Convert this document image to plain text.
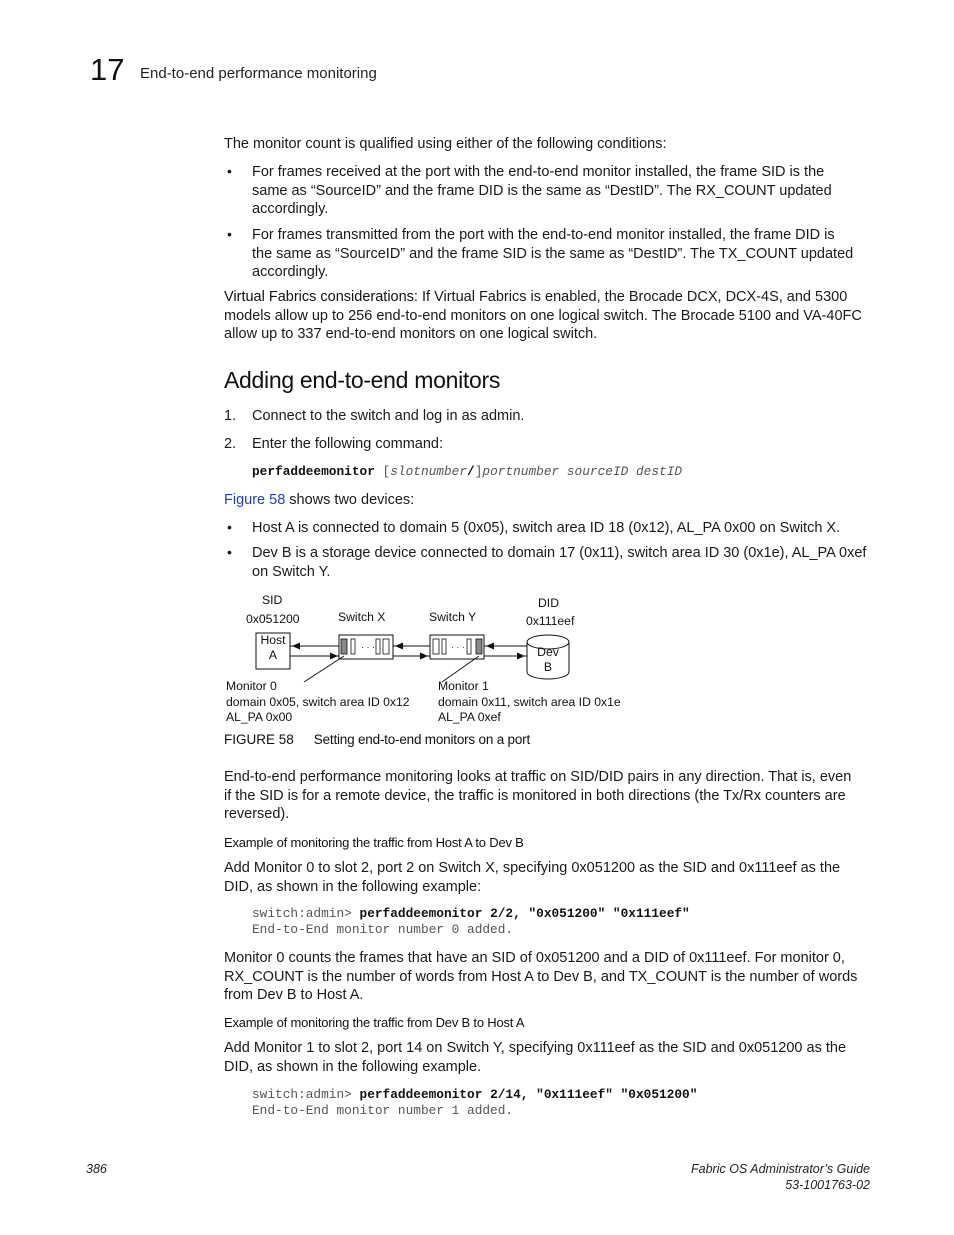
17 End-to-end performance monitoring
The monitor count is qualified using either of the following conditions:
• For frames received at the port with the end-to-end monitor installed, the frame SID is the
same as “SourceID” and the frame DID is the same as “DestID”. The RX_COUNT updated
accordingly.
• For frames transmitted from the port with the end-to-end monitor installed, the frame DID is
the same as “SourceID” and the frame SID is the same as “DestID”. The TX_COUNT updated
accordingly.
Virtual Fabrics considerations: If Virtual Fabrics is enabled, the Brocade DCX, DCX-4S, and 5300
models allow up to 256 end-to-end monitors on one logical switch. The Brocade 5100 and VA-40FC
allow up to 337 end-to-end monitors on one logical switch.
Adding end-to-end monitors
1. Connect to the switch and log in as admin.
2. Enter the following command:
perfaddeemonitor [slotnumber/]portnumber sourceID destID
Figure 58 shows two devices:
• Host A is connected to domain 5 (0x05), switch area ID 18 (0x12), AL_PA 0x00 on Switch X.
• Dev B is a storage device connected to domain 17 (0x11), switch area ID 30 (0x1e), AL_PA 0xef
on Switch Y.
· · ·	· · ·
SID
0x051200	Switch X	Switch Y
DID
0x111eef
Host
A	Dev
B
Monitor 0
domain 0x05, switch area ID 0x12
AL_PA 0x00
Monitor 1
domain 0x11, switch area ID 0x1e
AL_PA 0xef
FIGURE 58 Setting end-to-end monitors on a port
End-to-end performance monitoring looks at traffic on SID/DID pairs in any direction. That is, even
if the SID is for a remote device, the traffic is monitored in both directions (the Tx/Rx counters are
reversed).
Example of monitoring the traffic from Host A to Dev B
Add Monitor 0 to slot 2, port 2 on Switch X, specifying 0x051200 as the SID and 0x111eef as the
DID, as shown in the following example:
switch:admin> perfaddeemonitor 2/2, "0x051200" "0x111eef"
End-to-End monitor number 0 added.
Monitor 0 counts the frames that have an SID of 0x051200 and a DID of 0x111eef. For monitor 0,
RX_COUNT is the number of words from Host A to Dev B, and TX_COUNT is the number of words
from Dev B to Host A.
Example of monitoring the traffic from Dev B to Host A
Add Monitor 1 to slot 2, port 14 on Switch Y, specifying 0x111eef as the SID and 0x051200 as the
DID, as shown in the following example.
switch:admin> perfaddeemonitor 2/14, "0x111eef" "0x051200"
End-to-End monitor number 1 added.
386	Fabric OS Administrator’s Guide
53-1001763-02
